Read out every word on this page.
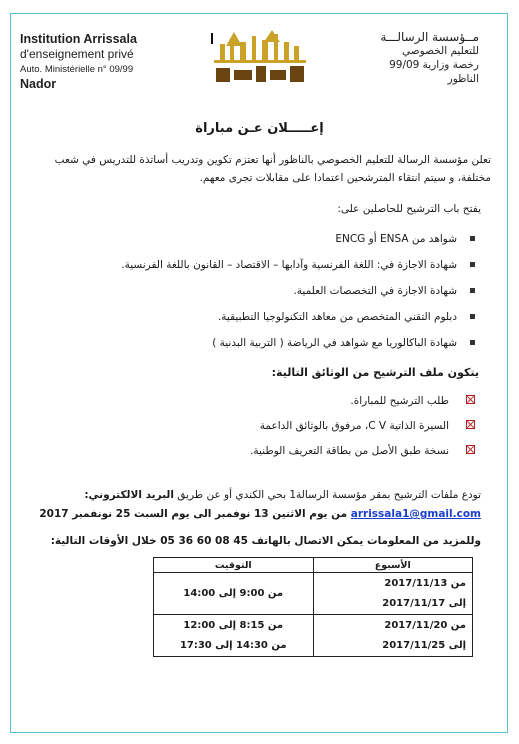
Institution Arrissala
d'enseignement privé
Auto. Ministérielle n° 09/99
Nador
مــؤسسة الرسالـــة
للتعليم الخصوصي
رخصة وزارية 99/09
الناظور
إعـــــلان عـن مباراة
تعلن مؤسسة الرسالة للتعليم الخصوصي بالناظور أنها تعتزم تكوين وتدريب أساتذة للتدريس في شعب مختلفة، و سيتم انتقاء المترشحين اعتمادا على مقابلات تجرى معهم.
يفتح باب الترشيح للحاصلين على:
شواهد من ENSA أو ENCG
شهادة الاجازة في: اللغة الفرنسية وآدابها – الاقتصاد – القانون باللغة الفرنسية.
شهادة الاجازة في التخصصات العلمية.
دبلوم التقني المتخصص من معاهد التكنولوجيا التطبيقية.
شهادة الباكالوريا مع شواهد في الرياضة ( التربية البدنية )
يتكون ملف الترشيح من الوثائق التالية:
طلب الترشيح للمباراة.
السيرة الذاتية C V، مرفوق بالوثائق الداعمة
نسخة طبق الأصل من بطاقة التعريف الوطنية.
تودع ملفات الترشيح بمقر مؤسسة الرسالة1 بحي الكندي أو عن طريق البريد الالكتروني:
arrissala1@gmail.com من يوم الاثنين 13 نوفمبر الى يوم السبت 25 نونفمبر 2017
وللمزيد من المعلومات يمكن الاتصال بالهاتف 45 08 60 36 05 خلال الأوقات التالية:
الأسبوع	التوقيت

من 2017/11/13
إلى 2017/11/17	من 9:00 إلى 14:00

من 2017/11/20
إلى 2017/11/25	من 8:15 إلى 12:00
من 14:30 إلى 17:30
